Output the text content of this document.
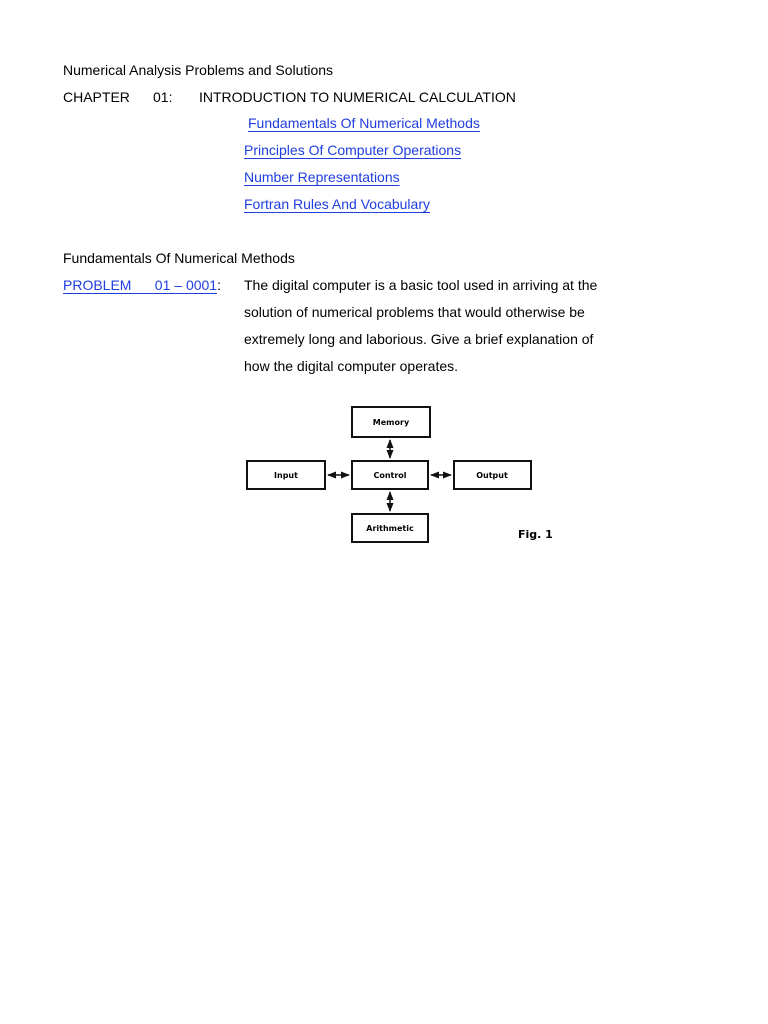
Numerical Analysis Problems and Solutions
CHAPTER 01: INTRODUCTION TO NUMERICAL CALCULATION
Fundamentals Of Numerical Methods
Principles Of Computer Operations
Number Representations
Fortran Rules And Vocabulary
Fundamentals Of Numerical Methods
PROBLEM      01 – 0001: The digital computer is a basic tool used in arriving at the
solution of numerical problems that would otherwise be
extremely long and laborious. Give a brief explanation of
how the digital computer operates.
Memory
Input	Control	Output
Arithmetic	Fig. 1
